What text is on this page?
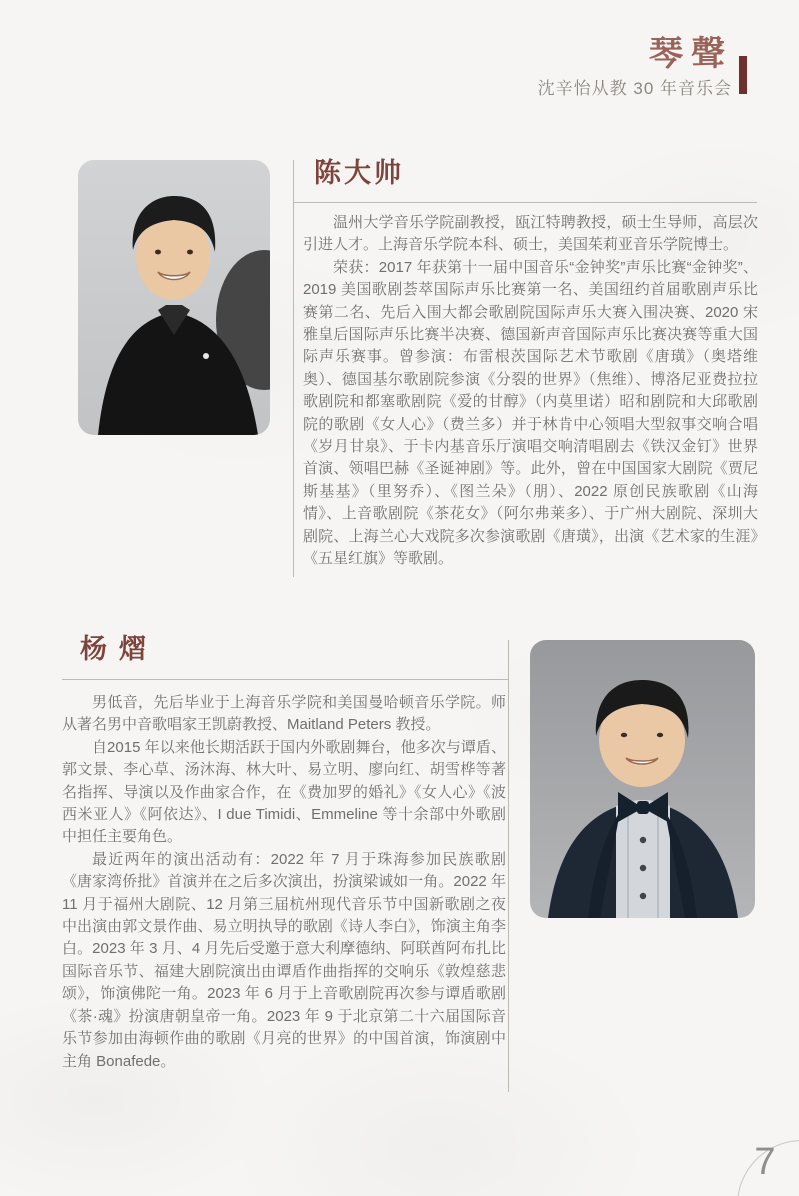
琴聲
沈辛怡从教 30 年音乐会
陈大帅

温州大学音乐学院副教授，瓯江特聘教授，硕士生导师，高层次引进人才。上海音乐学院本科、硕士，美国茱莉亚音乐学院博士。

荣获：2017 年获第十一届中国音乐“金钟奖”声乐比赛“金钟奖”、2019 美国歌剧荟萃国际声乐比赛第一名、美国纽约首届歌剧声乐比赛第二名、先后入围大都会歌剧院国际声乐大赛入围决赛、2020 宋雅皇后国际声乐比赛半决赛、德国新声音国际声乐比赛决赛等重大国际声乐赛事。曾参演：布雷根茨国际艺术节歌剧《唐璜》（奥塔维奥）、德国基尔歌剧院参演《分裂的世界》（焦维）、博洛尼亚费拉拉歌剧院和都塞歌剧院《爱的甘醇》（内莫里诺）昭和剧院和大邱歌剧院的歌剧《女人心》（费兰多）并于林肯中心领唱大型叙事交响合唱《岁月甘泉》、于卡内基音乐厅演唱交响清唱剧去《铁汉金钉》世界首演、领唱巴赫《圣诞神剧》等。此外，曾在中国国家大剧院《贾尼斯基基》（里努乔）、《图兰朵》（朋）、2022 原创民族歌剧《山海情》、上音歌剧院《茶花女》（阿尔弗莱多）、于广州大剧院、深圳大剧院、上海兰心大戏院多次参演歌剧《唐璜》，出演《艺术家的生涯》《五星红旗》等歌剧。

杨熠

男低音，先后毕业于上海音乐学院和美国曼哈顿音乐学院。师从著名男中音歌唱家王凯蔚教授、Maitland Peters 教授。

自2015 年以来他长期活跃于国内外歌剧舞台，他多次与谭盾、郭文景、李心草、汤沐海、林大叶、易立明、廖向红、胡雪桦等著名指挥、导演以及作曲家合作，在《费加罗的婚礼》《女人心》《波西米亚人》《阿依达》、I due Timidi、Emmeline 等十余部中外歌剧中担任主要角色。

最近两年的演出活动有：2022 年 7 月于珠海参加民族歌剧《唐家湾侨批》首演并在之后多次演出，扮演梁诚如一角。2022 年 11 月于福州大剧院、12 月第三届杭州现代音乐节中国新歌剧之夜中出演由郭文景作曲、易立明执导的歌剧《诗人李白》，饰演主角李白。2023 年 3 月、4 月先后受邀于意大利摩德纳、阿联酋阿布扎比国际音乐节、福建大剧院演出由谭盾作曲指挥的交响乐《敦煌慈悲颂》，饰演佛陀一角。2023 年 6 月于上音歌剧院再次参与谭盾歌剧《茶·魂》扮演唐朝皇帝一角。2023 年 9 于北京第二十六届国际音乐节参加由海顿作曲的歌剧《月亮的世界》的中国首演，饰演剧中主角 Bonafede。

7
